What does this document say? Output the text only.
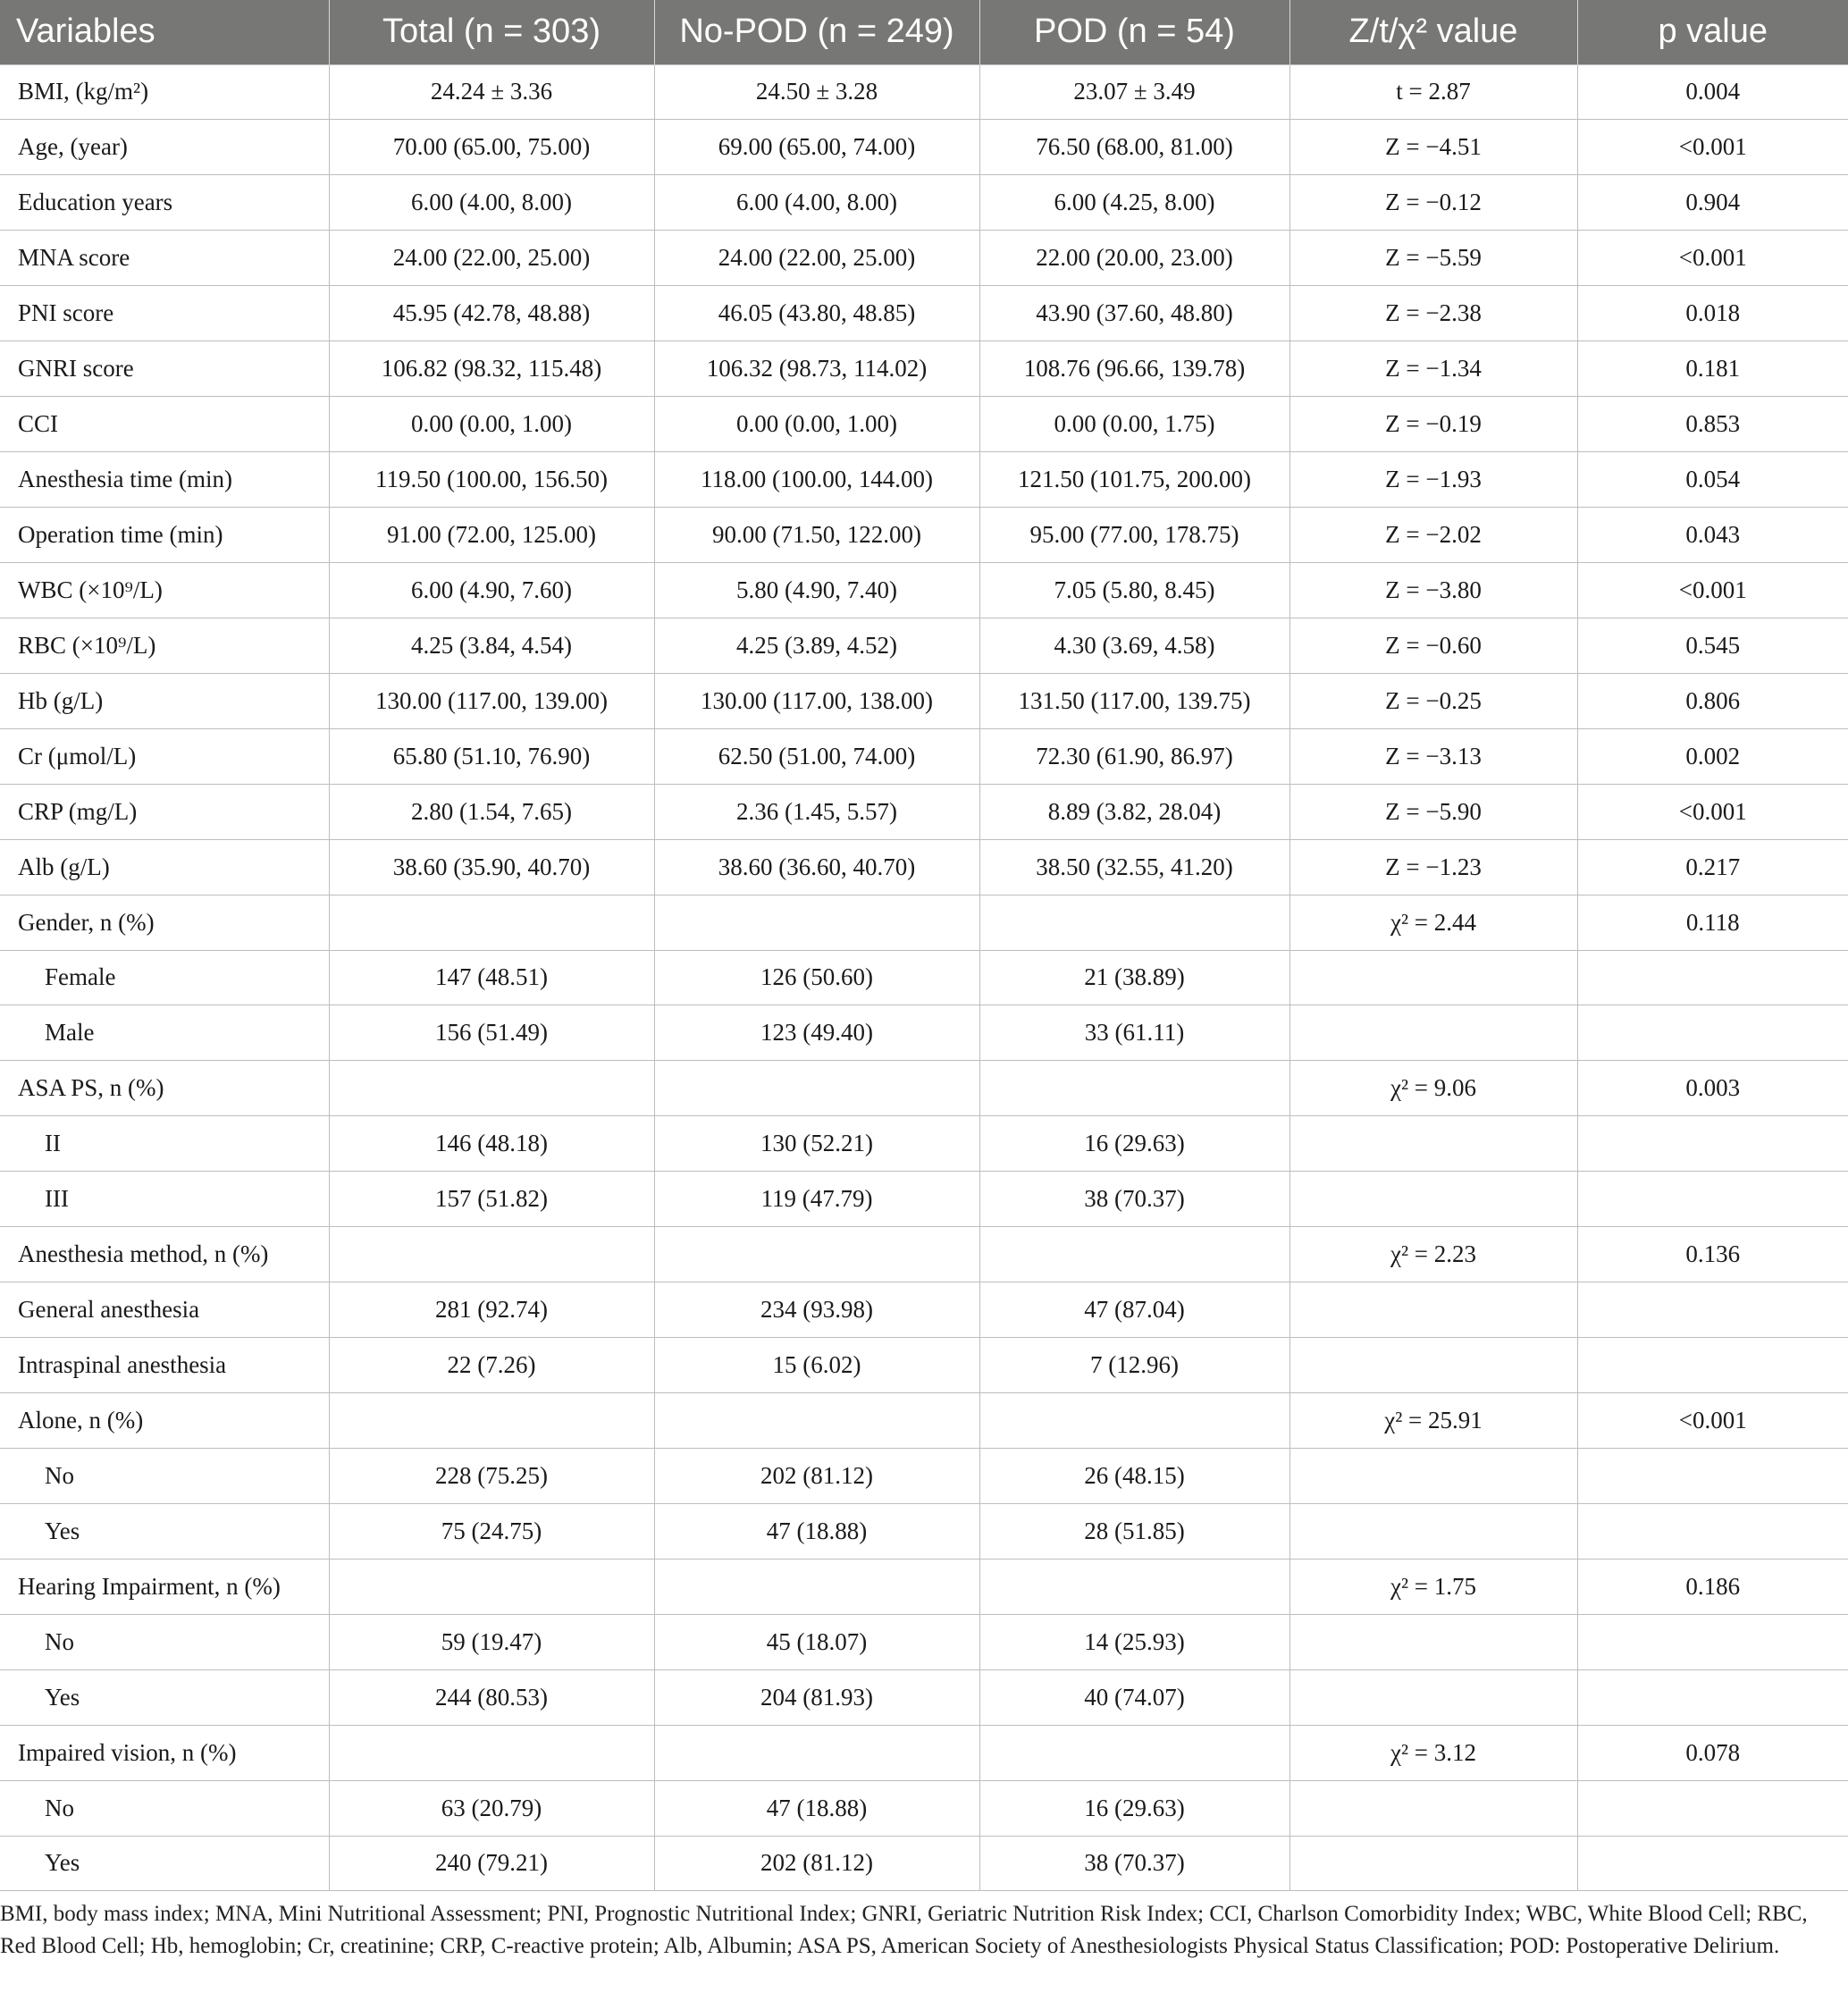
Variables	Total (n = 303)	No-POD (n = 249)	POD (n = 54)	Z/t/χ² value	p value
BMI, (kg/m²)	24.24 ± 3.36	24.50 ± 3.28	23.07 ± 3.49	t = 2.87	0.004
Age, (year)	70.00 (65.00, 75.00)	69.00 (65.00, 74.00)	76.50 (68.00, 81.00)	Z = −4.51	<0.001
Education years	6.00 (4.00, 8.00)	6.00 (4.00, 8.00)	6.00 (4.25, 8.00)	Z = −0.12	0.904
MNA score	24.00 (22.00, 25.00)	24.00 (22.00, 25.00)	22.00 (20.00, 23.00)	Z = −5.59	<0.001
PNI score	45.95 (42.78, 48.88)	46.05 (43.80, 48.85)	43.90 (37.60, 48.80)	Z = −2.38	0.018
GNRI score	106.82 (98.32, 115.48)	106.32 (98.73, 114.02)	108.76 (96.66, 139.78)	Z = −1.34	0.181
CCI	0.00 (0.00, 1.00)	0.00 (0.00, 1.00)	0.00 (0.00, 1.75)	Z = −0.19	0.853
Anesthesia time (min)	119.50 (100.00, 156.50)	118.00 (100.00, 144.00)	121.50 (101.75, 200.00)	Z = −1.93	0.054
Operation time (min)	91.00 (72.00, 125.00)	90.00 (71.50, 122.00)	95.00 (77.00, 178.75)	Z = −2.02	0.043
WBC (×10⁹/L)	6.00 (4.90, 7.60)	5.80 (4.90, 7.40)	7.05 (5.80, 8.45)	Z = −3.80	<0.001
RBC (×10⁹/L)	4.25 (3.84, 4.54)	4.25 (3.89, 4.52)	4.30 (3.69, 4.58)	Z = −0.60	0.545
Hb (g/L)	130.00 (117.00, 139.00)	130.00 (117.00, 138.00)	131.50 (117.00, 139.75)	Z = −0.25	0.806
Cr (μmol/L)	65.80 (51.10, 76.90)	62.50 (51.00, 74.00)	72.30 (61.90, 86.97)	Z = −3.13	0.002
CRP (mg/L)	2.80 (1.54, 7.65)	2.36 (1.45, 5.57)	8.89 (3.82, 28.04)	Z = −5.90	<0.001
Alb (g/L)	38.60 (35.90, 40.70)	38.60 (36.60, 40.70)	38.50 (32.55, 41.20)	Z = −1.23	0.217
Gender, n (%)				χ² = 2.44	0.118
Female	147 (48.51)	126 (50.60)	21 (38.89)		
Male	156 (51.49)	123 (49.40)	33 (61.11)		
ASA PS, n (%)				χ² = 9.06	0.003
II	146 (48.18)	130 (52.21)	16 (29.63)		
III	157 (51.82)	119 (47.79)	38 (70.37)		
Anesthesia method, n (%)				χ² = 2.23	0.136
General anesthesia	281 (92.74)	234 (93.98)	47 (87.04)		
Intraspinal anesthesia	22 (7.26)	15 (6.02)	7 (12.96)		
Alone, n (%)				χ² = 25.91	<0.001
No	228 (75.25)	202 (81.12)	26 (48.15)		
Yes	75 (24.75)	47 (18.88)	28 (51.85)		
Hearing Impairment, n (%)				χ² = 1.75	0.186
No	59 (19.47)	45 (18.07)	14 (25.93)		
Yes	244 (80.53)	204 (81.93)	40 (74.07)		
Impaired vision, n (%)				χ² = 3.12	0.078
No	63 (20.79)	47 (18.88)	16 (29.63)		
Yes	240 (79.21)	202 (81.12)	38 (70.37)		
BMI, body mass index; MNA, Mini Nutritional Assessment; PNI, Prognostic Nutritional Index; GNRI, Geriatric Nutrition Risk Index; CCI, Charlson Comorbidity Index; WBC, White Blood Cell; RBC, Red Blood Cell; Hb, hemoglobin; Cr, creatinine; CRP, C-reactive protein; Alb, Albumin; ASA PS, American Society of Anesthesiologists Physical Status Classification; POD: Postoperative Delirium.
